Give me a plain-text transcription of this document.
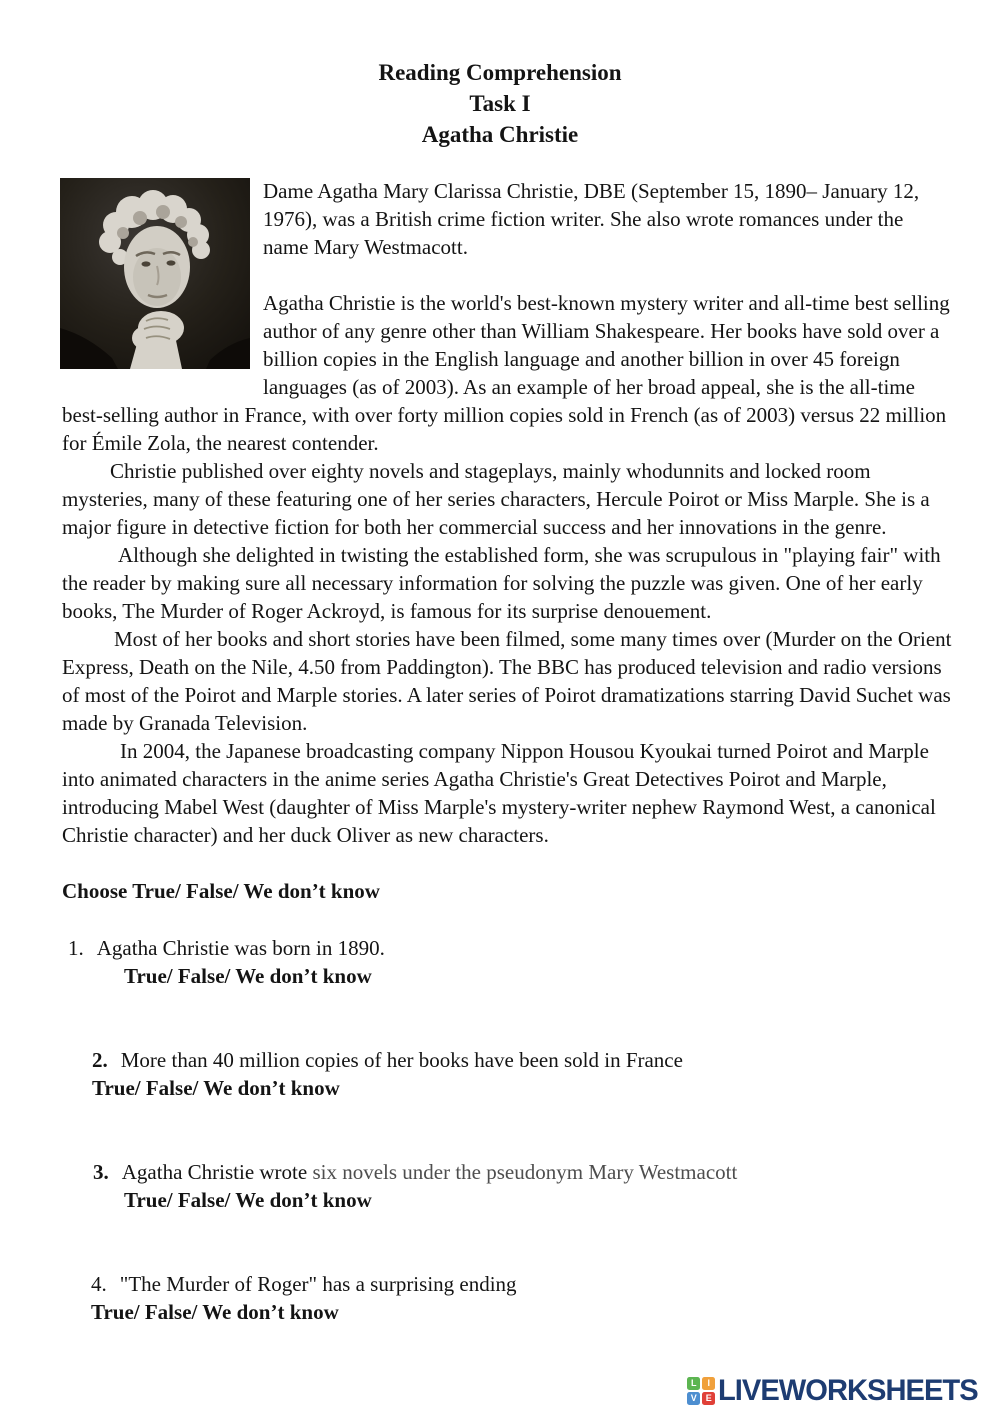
Reading Comprehension
Task I
Agatha Christie

Dame Agatha Mary Clarissa Christie, DBE (September 15, 1890– January 12, 1976), was a British crime fiction writer. She also wrote romances under the name Mary Westmacott.

Agatha Christie is the world's best-known mystery writer and all-time best selling author of any genre other than William Shakespeare. Her books have sold over a billion copies in the English language and another billion in over 45 foreign languages (as of 2003). As an example of her broad appeal, she is the all-time best-selling author in France, with over forty million copies sold in French (as of 2003) versus 22 million for Émile Zola, the nearest contender.

Christie published over eighty novels and stageplays, mainly whodunnits and locked room mysteries, many of these featuring one of her series characters, Hercule Poirot or Miss Marple. She is a major figure in detective fiction for both her commercial success and her innovations in the genre.

Although she delighted in twisting the established form, she was scrupulous in "playing fair" with the reader by making sure all necessary information for solving the puzzle was given. One of her early books, The Murder of Roger Ackroyd, is famous for its surprise denouement.

Most of her books and short stories have been filmed, some many times over (Murder on the Orient Express, Death on the Nile, 4.50 from Paddington). The BBC has produced television and radio versions of most of the Poirot and Marple stories. A later series of Poirot dramatizations starring David Suchet was made by Granada Television.

In 2004, the Japanese broadcasting company Nippon Housou Kyoukai turned Poirot and Marple into animated characters in the anime series Agatha Christie's Great Detectives Poirot and Marple, introducing Mabel West (daughter of Miss Marple's mystery-writer nephew Raymond West, a canonical Christie character) and her duck Oliver as new characters.

Choose True/ False/ We don’t know
1. Agatha Christie was born in 1890.
True/ False/ We don’t know
2. More than 40 million copies of her books have been sold in France
True/ False/ We don’t know
3. Agatha Christie wrote six novels under the pseudonym Mary Westmacott
True/ False/ We don’t know
4. "The Murder of Roger" has a surprising ending
True/ False/ We don’t know
L	I
V E LIVEWORKSHEETS
